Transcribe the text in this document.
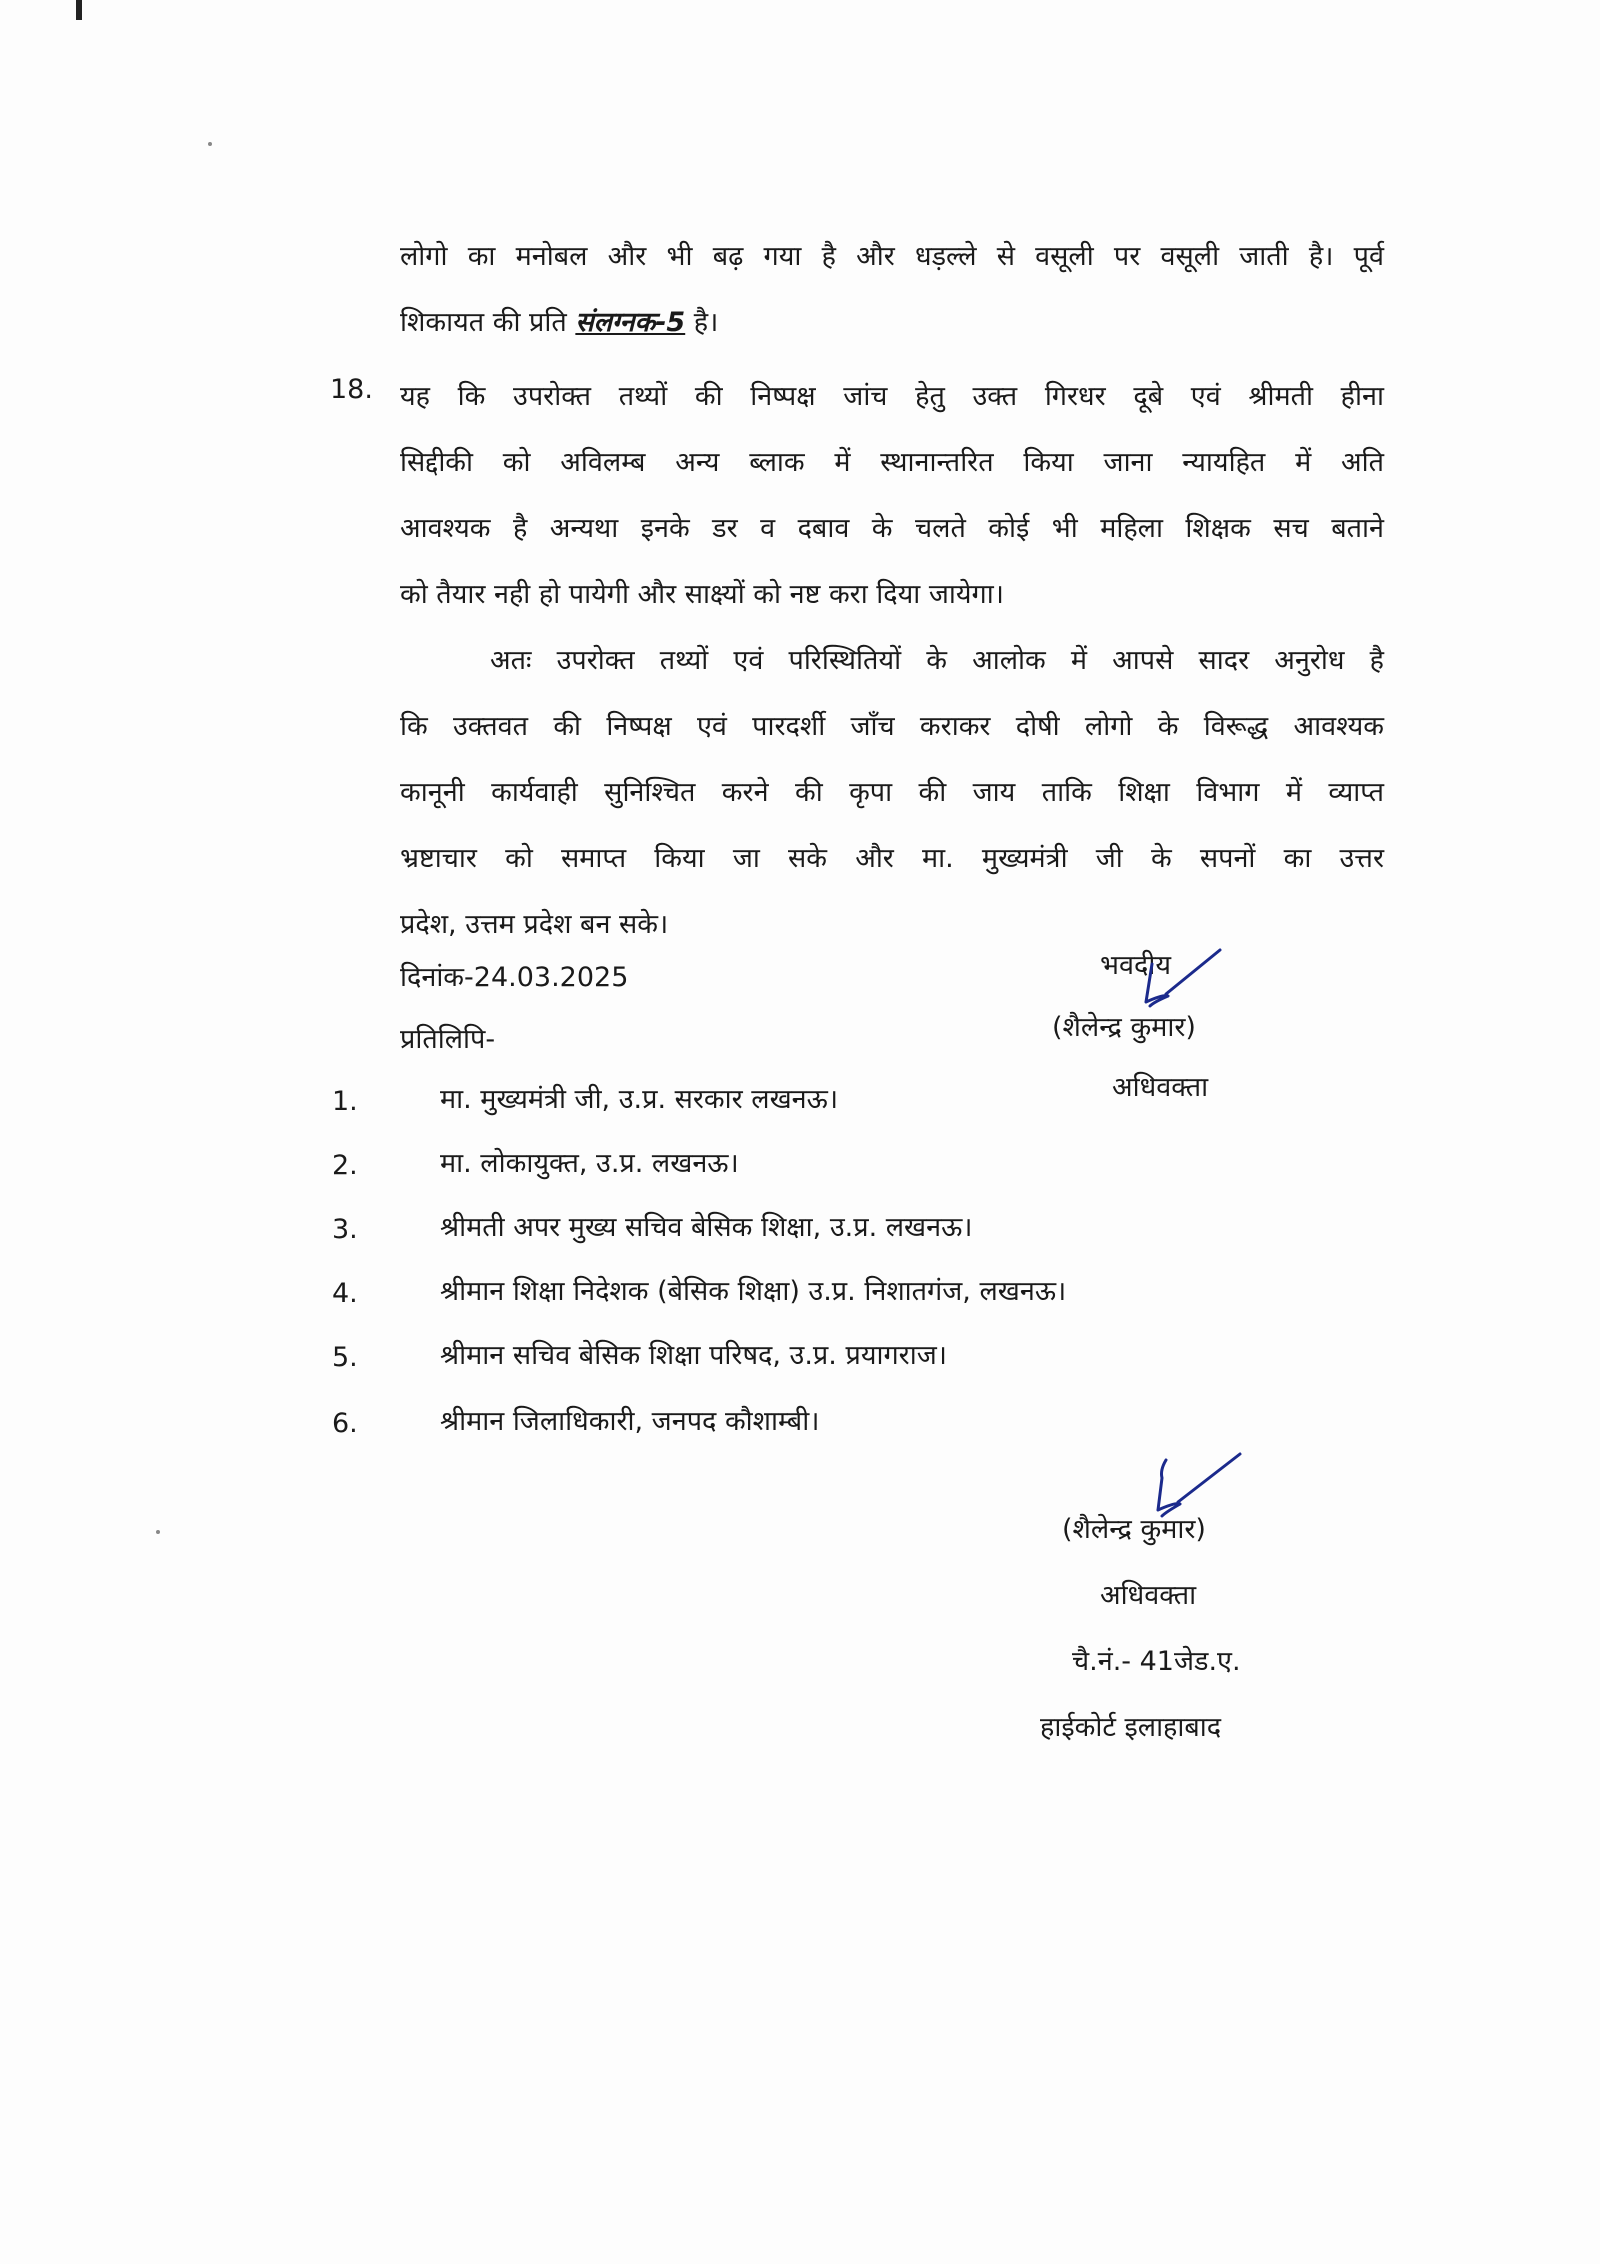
लोगो का मनोबल और भी बढ़ गया है और धड़ल्ले से वसूली पर वसूली जाती है। पूर्व
शिकायत की प्रति संलग्नक-5 है।
18. यह कि उपरोक्त तथ्यों की निष्पक्ष जांच हेतु उक्त गिरधर दूबे एवं श्रीमती हीना
सिद्दीकी को अविलम्ब अन्य ब्लाक में स्थानान्तरित किया जाना न्यायहित में अति
आवश्यक है अन्यथा इनके डर व दबाव के चलते कोई भी महिला शिक्षक सच बताने
को तैयार नही हो पायेगी और साक्ष्यों को नष्ट करा दिया जायेगा।
अतः उपरोक्त तथ्यों एवं परिस्थितियों के आलोक में आपसे सादर अनुरोध है
कि उक्तवत की निष्पक्ष एवं पारदर्शी जाँच कराकर दोषी लोगो के विरूद्ध आवश्यक
कानूनी कार्यवाही सुनिश्चित करने की कृपा की जाय ताकि शिक्षा विभाग में व्याप्त
भ्रष्टाचार को समाप्त किया जा सके और मा. मुख्यमंत्री जी के सपनों का उत्तर
प्रदेश, उत्तम प्रदेश बन सके।
दिनांक-24.03.2025
प्रतिलिपि-
भवदीय
(शैलेन्द्र कुमार)
अधिवक्ता
1.	मा. मुख्यमंत्री जी, उ.प्र. सरकार लखनऊ।
2.	मा. लोकायुक्त, उ.प्र. लखनऊ।
3.	श्रीमती अपर मुख्य सचिव बेसिक शिक्षा, उ.प्र. लखनऊ।
4.	श्रीमान शिक्षा निदेशक (बेसिक शिक्षा) उ.प्र. निशातगंज, लखनऊ।
5.	श्रीमान सचिव बेसिक शिक्षा परिषद, उ.प्र. प्रयागराज।
6.	श्रीमान जिलाधिकारी, जनपद कौशाम्बी।
(शैलेन्द्र कुमार)
अधिवक्ता
चै.नं.- 41जेड.ए.
हाईकोर्ट इलाहाबाद
